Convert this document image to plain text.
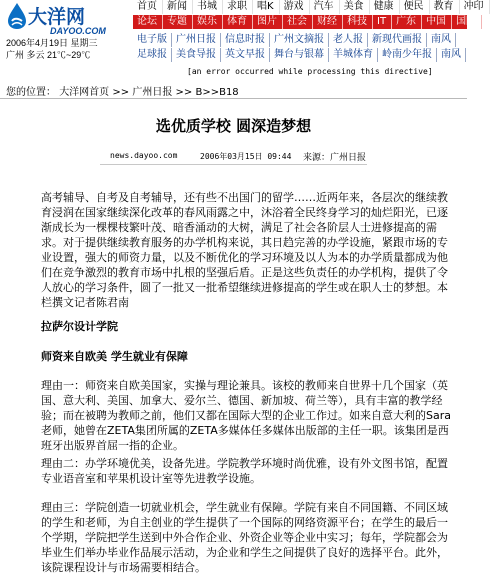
大洋网
DAYOO.COM
2006年4月19日 星期三
广州 多云 21℃~29℃
首页	新闻	书城	求职	唱K	游戏	汽车	美食	健康	便民	教育	冲印
论坛	专题	娱乐	体育	图片	社会	财经	科技	IT	广东	中国	国际
电子版 广州日报 信息时报 广州文摘报 老人报 新现代画报 南风
足球报 美食导报 英文早报 舞台与银幕 羊城体育 岭南少年报 南风
[an error occurred while processing this directive]
您的位置： 大洋网首页 >> 广州日报 >> B>>B18
选优质学校 圆深造梦想
news.dayoo.com	2006年03月15日 09:44 来源：广州日报

高考辅导、自考及自考辅导，还有些不出国门的留学……近两年来，各层次的继续教育浸润在国家继续深化改革的春风雨露之中，沐浴着全民终身学习的灿烂阳光，已逐渐成长为一棵棵枝繁叶茂、暗香涌动的大树，满足了社会各阶层人士进修提高的需求。对于提供继续教育服务的办学机构来说，其日趋完善的办学设施，紧跟市场的专业设置，强大的师资力量，以及不断优化的学习环境及以人为本的办学质量都成为他们在竞争激烈的教育市场中扎根的坚强后盾。正是这些负责任的办学机构，提供了令人放心的学习条件，圆了一批又一批希望继续进修提高的学生或在职人士的梦想。本栏撰文记者陈君南

拉萨尔设计学院
师资来自欧美 学生就业有保障

理由一：师资来自欧美国家，实操与理论兼具。该校的教师来自世界十几个国家（英国、意大利、美国、加拿大、爱尔兰、德国、新加坡、荷兰等），具有丰富的教学经验；而在被聘为教师之前，他们又都在国际大型的企业工作过。如来自意大利的Sara老师，她曾在ZETA集团所属的ZETA多媒体任多媒体出版部的主任一职。该集团是西班牙出版界首屈一指的企业。

理由二：办学环境优美，设备先进。学院教学环境时尚优雅，设有外文图书馆，配置专业语音室和苹果机设计室等先进教学设施。

理由三：学院创造一切就业机会，学生就业有保障。学院有来自不同国籍、不同区域的学生和老师，为自主创业的学生提供了一个国际的网络资源平台；在学生的最后一个学期，学院把学生送到中外合作企业、外资企业等企业中实习；每年，学院都会为毕业生们举办毕业作品展示活动，为企业和学生之间提供了良好的选择平台。此外，该院课程设计与市场需要相结合。
